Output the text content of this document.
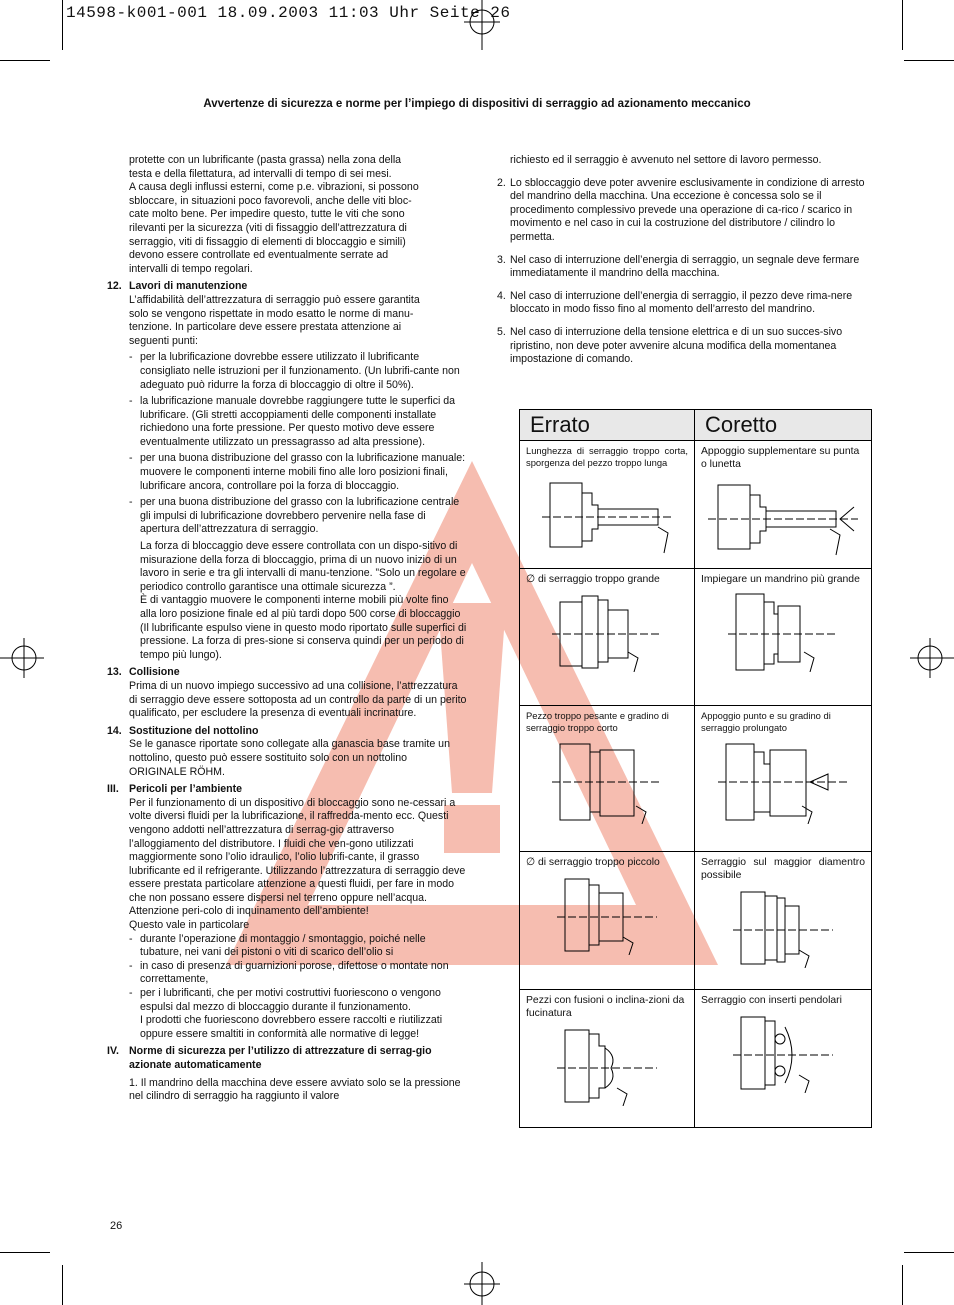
14598-k001-001 18.09.2003 11:03 Uhr Seite 26
Avvertenze di sicurezza e norme per l’impiego di dispositivi di serraggio ad azionamento meccanico

protette con un lubrificante (pasta grassa) nella zona della

testa e della filettatura, ad intervalli di tempo di sei mesi.

A causa degli influssi esterni, come p.e. vibrazioni, si possono

sbloccare, in situazioni poco favorevoli, anche delle viti bloc-

cate molto bene. Per impedire questo, tutte le viti che sono

rilevanti per la sicurezza (viti di fissaggio dell’attrezzatura di

serraggio, viti di fissaggio di elementi di bloccaggio e simili)

devono essere controllate ed eventualmente serrate ad

intervalli di tempo regolari.

12. Lavori di manutenzione

L’affidabilità dell’attrezzatura di serraggio può essere garantita

solo se vengono rispettate in modo esatto le norme di manu-

tenzione. In particolare deve essere prestata attenzione ai

seguenti punti:

- per la lubrificazione dovrebbe essere utilizzato il lubrificante consigliato nelle istruzioni per il funzionamento. (Un lubrifi-cante non adeguato può ridurre la forza di bloccaggio di oltre il 50%).
- la lubrificazione manuale dovrebbe raggiungere tutte le superfici da lubrificare. (Gli stretti accoppiamenti delle componenti installate richiedono una forte pressione. Per questo motivo deve essere eventualmente utilizzato un pressagrasso ad alta pressione).
- per una buona distribuzione del grasso con la lubrificazione manuale: muovere le componenti interne mobili fino alle loro posizioni finali, lubrificare ancora, controllare poi la forza di bloccaggio.
- per una buona distribuzione del grasso con la lubrificazione centrale gli impulsi di lubrificazione dovrebbero pervenire nella fase di apertura dell’attrezzatura di serraggio.
La forza di bloccaggio deve essere controllata con un dispo-sitivo di misurazione della forza di bloccaggio, prima di un nuovo inizio di un lavoro in serie e tra gli intervalli di manu-tenzione. ”Solo un regolare e periodico controllo garantisce una ottimale sicurezza ”.
È di vantaggio muovere le componenti interne mobili più volte fino alla loro posizione finale ed al più tardi dopo 500 corse di bloccaggio (Il lubrificante espulso viene in questo modo riportato sulle superfici di pressione. La forza di pres-sione si conserva quindi per un periodo di tempo più lungo).
13. Collisione
Prima di un nuovo impiego successivo ad una collisione, l’attrezzatura di serraggio deve essere sottoposta ad un controllo da parte di un perito qualificato, per escludere la presenza di eventuali incrinature.
14. Sostituzione del nottolino
Se le ganasce riportate sono collegate alla ganascia base tramite un nottolino, questo può essere sostituito solo con un nottolino ORIGINALE RÖHM.
III. Pericoli per l’ambiente
Per il funzionamento di un dispositivo di bloccaggio sono ne-cessari a volte diversi fluidi per la lubrificazione, il raffredda-mento ecc. Questi vengono addotti nell’attrezzatura di serrag-gio attraverso l’alloggiamento del distributore. I fluidi che ven-gono utilizzati maggiormente sono l’olio idraulico, l’olio lubrifi-cante, il grasso lubrificante ed il refrigerante. Utilizzando l’attrezzatura di serraggio deve essere prestata particolare attenzione a questi fluidi, per fare in modo che non possano essere dispersi nel terreno oppure nell’acqua. Attenzione peri-colo di inquinamento dell’ambiente!
Questo vale in particolare
- durante l’operazione di montaggio / smontaggio, poiché nelle tubature, nei vani dei pistoni o viti di scarico dell’olio si
- in caso di presenza di guarnizioni porose, difettose o montate non correttamente,
- per i lubrificanti, che per motivi costruttivi fuoriescono o vengono espulsi dal mezzo di bloccaggio durante il funzionamento.
I prodotti che fuoriescono dovrebbero essere raccolti e riutilizzati oppure essere smaltiti in conformità alle normative di legge!
IV. Norme di sicurezza per l’utilizzo di attrezzature di serrag-gio azionate automaticamente
1. Il mandrino della macchina deve essere avviato solo se la pressione nel cilindro di serraggio ha raggiunto il valore
richiesto ed il serraggio è avvenuto nel settore di lavoro permesso.
2. Lo sbloccaggio deve poter avvenire esclusivamente in condizione di arresto del mandrino della macchina. Una eccezione è concessa solo se il procedimento complessivo prevede una operazione di ca-rico / scarico in movimento e nel caso in cui la costruzione del distributore / cilindro lo permetta.
3. Nel caso di interruzione dell’energia di serraggio, un segnale deve fermare immediatamente il mandrino della macchina.
4. Nel caso di interruzione dell’energia di serraggio, il pezzo deve rima-nere bloccato in modo fisso fino al momento dell’arresto del mandrino.
5. Nel caso di interruzione della tensione elettrica e di un suo succes-sivo ripristino, non deve poter avvenire alcuna modifica della momentanea impostazione di comando.
Errato	Coretto

Lunghezza di serraggio troppo corta, sporgenza del pezzo troppo lunga	Appoggio supplementare su punta o lunetta

∅ di serraggio troppo grande	Impiegare un mandrino più grande

Pezzo troppo pesante e gradino di serraggio troppo corto	Appoggio punto e su gradino di serraggio prolungato

∅ di serraggio troppo piccolo	Serraggio sul maggior diamentro possibile

Pezzi con fusioni o inclina-zioni da fucinatura	Serraggio con inserti pendolari
26
